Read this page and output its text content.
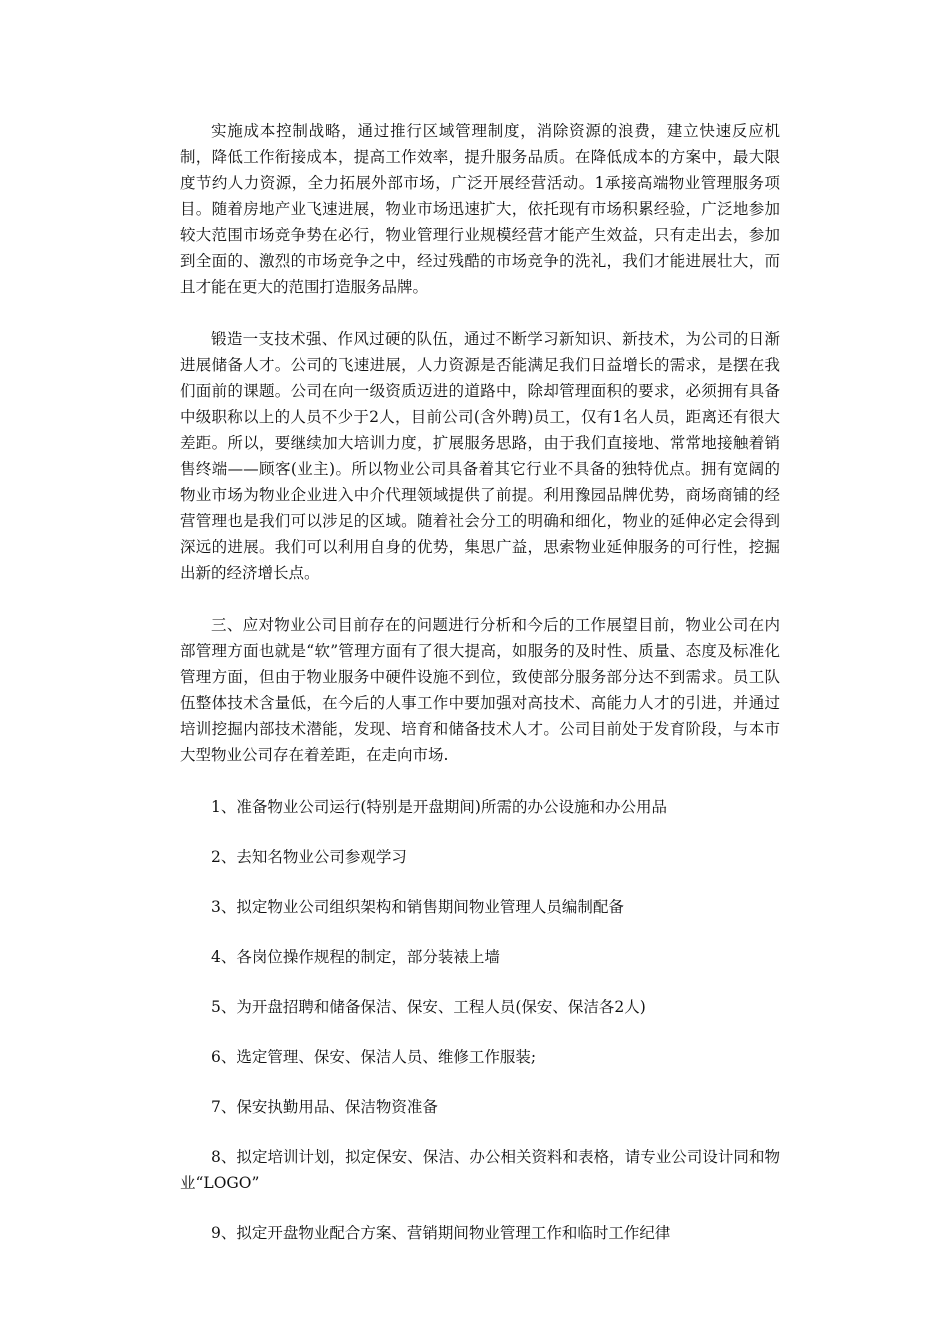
实施成本控制战略，通过推行区域管理制度，消除资源的浪费，建立快速反应机制，降低工作衔接成本，提高工作效率，提升服务品质。在降低成本的方案中，最大限度节约人力资源，全力拓展外部市场，广泛开展经营活动。1承接高端物业管理服务项目。随着房地产业飞速进展，物业市场迅速扩大，依托现有市场积累经验，广泛地参加较大范围市场竞争势在必行，物业管理行业规模经营才能产生效益，只有走出去，参加到全面的、激烈的市场竞争之中，经过残酷的市场竞争的洗礼，我们才能进展壮大，而且才能在更大的范围打造服务品牌。

锻造一支技术强、作风过硬的队伍，通过不断学习新知识、新技术，为公司的日渐进展储备人才。公司的飞速进展，人力资源是否能满足我们日益增长的需求，是摆在我们面前的课题。公司在向一级资质迈进的道路中，除却管理面积的要求，必须拥有具备中级职称以上的人员不少于2人，目前公司(含外聘)员工，仅有1名人员，距离还有很大差距。所以，要继续加大培训力度，扩展服务思路，由于我们直接地、常常地接触着销售终端——顾客(业主)。所以物业公司具备着其它行业不具备的独特优点。拥有宽阔的物业市场为物业企业进入中介代理领域提供了前提。利用豫园品牌优势，商场商铺的经营管理也是我们可以涉足的区域。随着社会分工的明确和细化，物业的延伸必定会得到深远的进展。我们可以利用自身的优势，集思广益，思索物业延伸服务的可行性，挖掘出新的经济增长点。

三、应对物业公司目前存在的问题进行分析和今后的工作展望目前，物业公司在内部管理方面也就是“软”管理方面有了很大提高，如服务的及时性、质量、态度及标准化管理方面，但由于物业服务中硬件设施不到位，致使部分服务部分达不到需求。员工队伍整体技术含量低，在今后的人事工作中要加强对高技术、高能力人才的引进，并通过培训挖掘内部技术潜能，发现、培育和储备技术人才。公司目前处于发育阶段，与本市大型物业公司存在着差距，在走向市场.

1、准备物业公司运行(特别是开盘期间)所需的办公设施和办公用品

2、去知名物业公司参观学习

3、拟定物业公司组织架构和销售期间物业管理人员编制配备

4、各岗位操作规程的制定，部分装裱上墙

5、为开盘招聘和储备保洁、保安、工程人员(保安、保洁各2人)

6、选定管理、保安、保洁人员、维修工作服装;

7、保安执勤用品、保洁物资准备

8、拟定培训计划，拟定保安、保洁、办公相关资料和表格，请专业公司设计同和物业“LOGO”

9、拟定开盘物业配合方案、营销期间物业管理工作和临时工作纪律
